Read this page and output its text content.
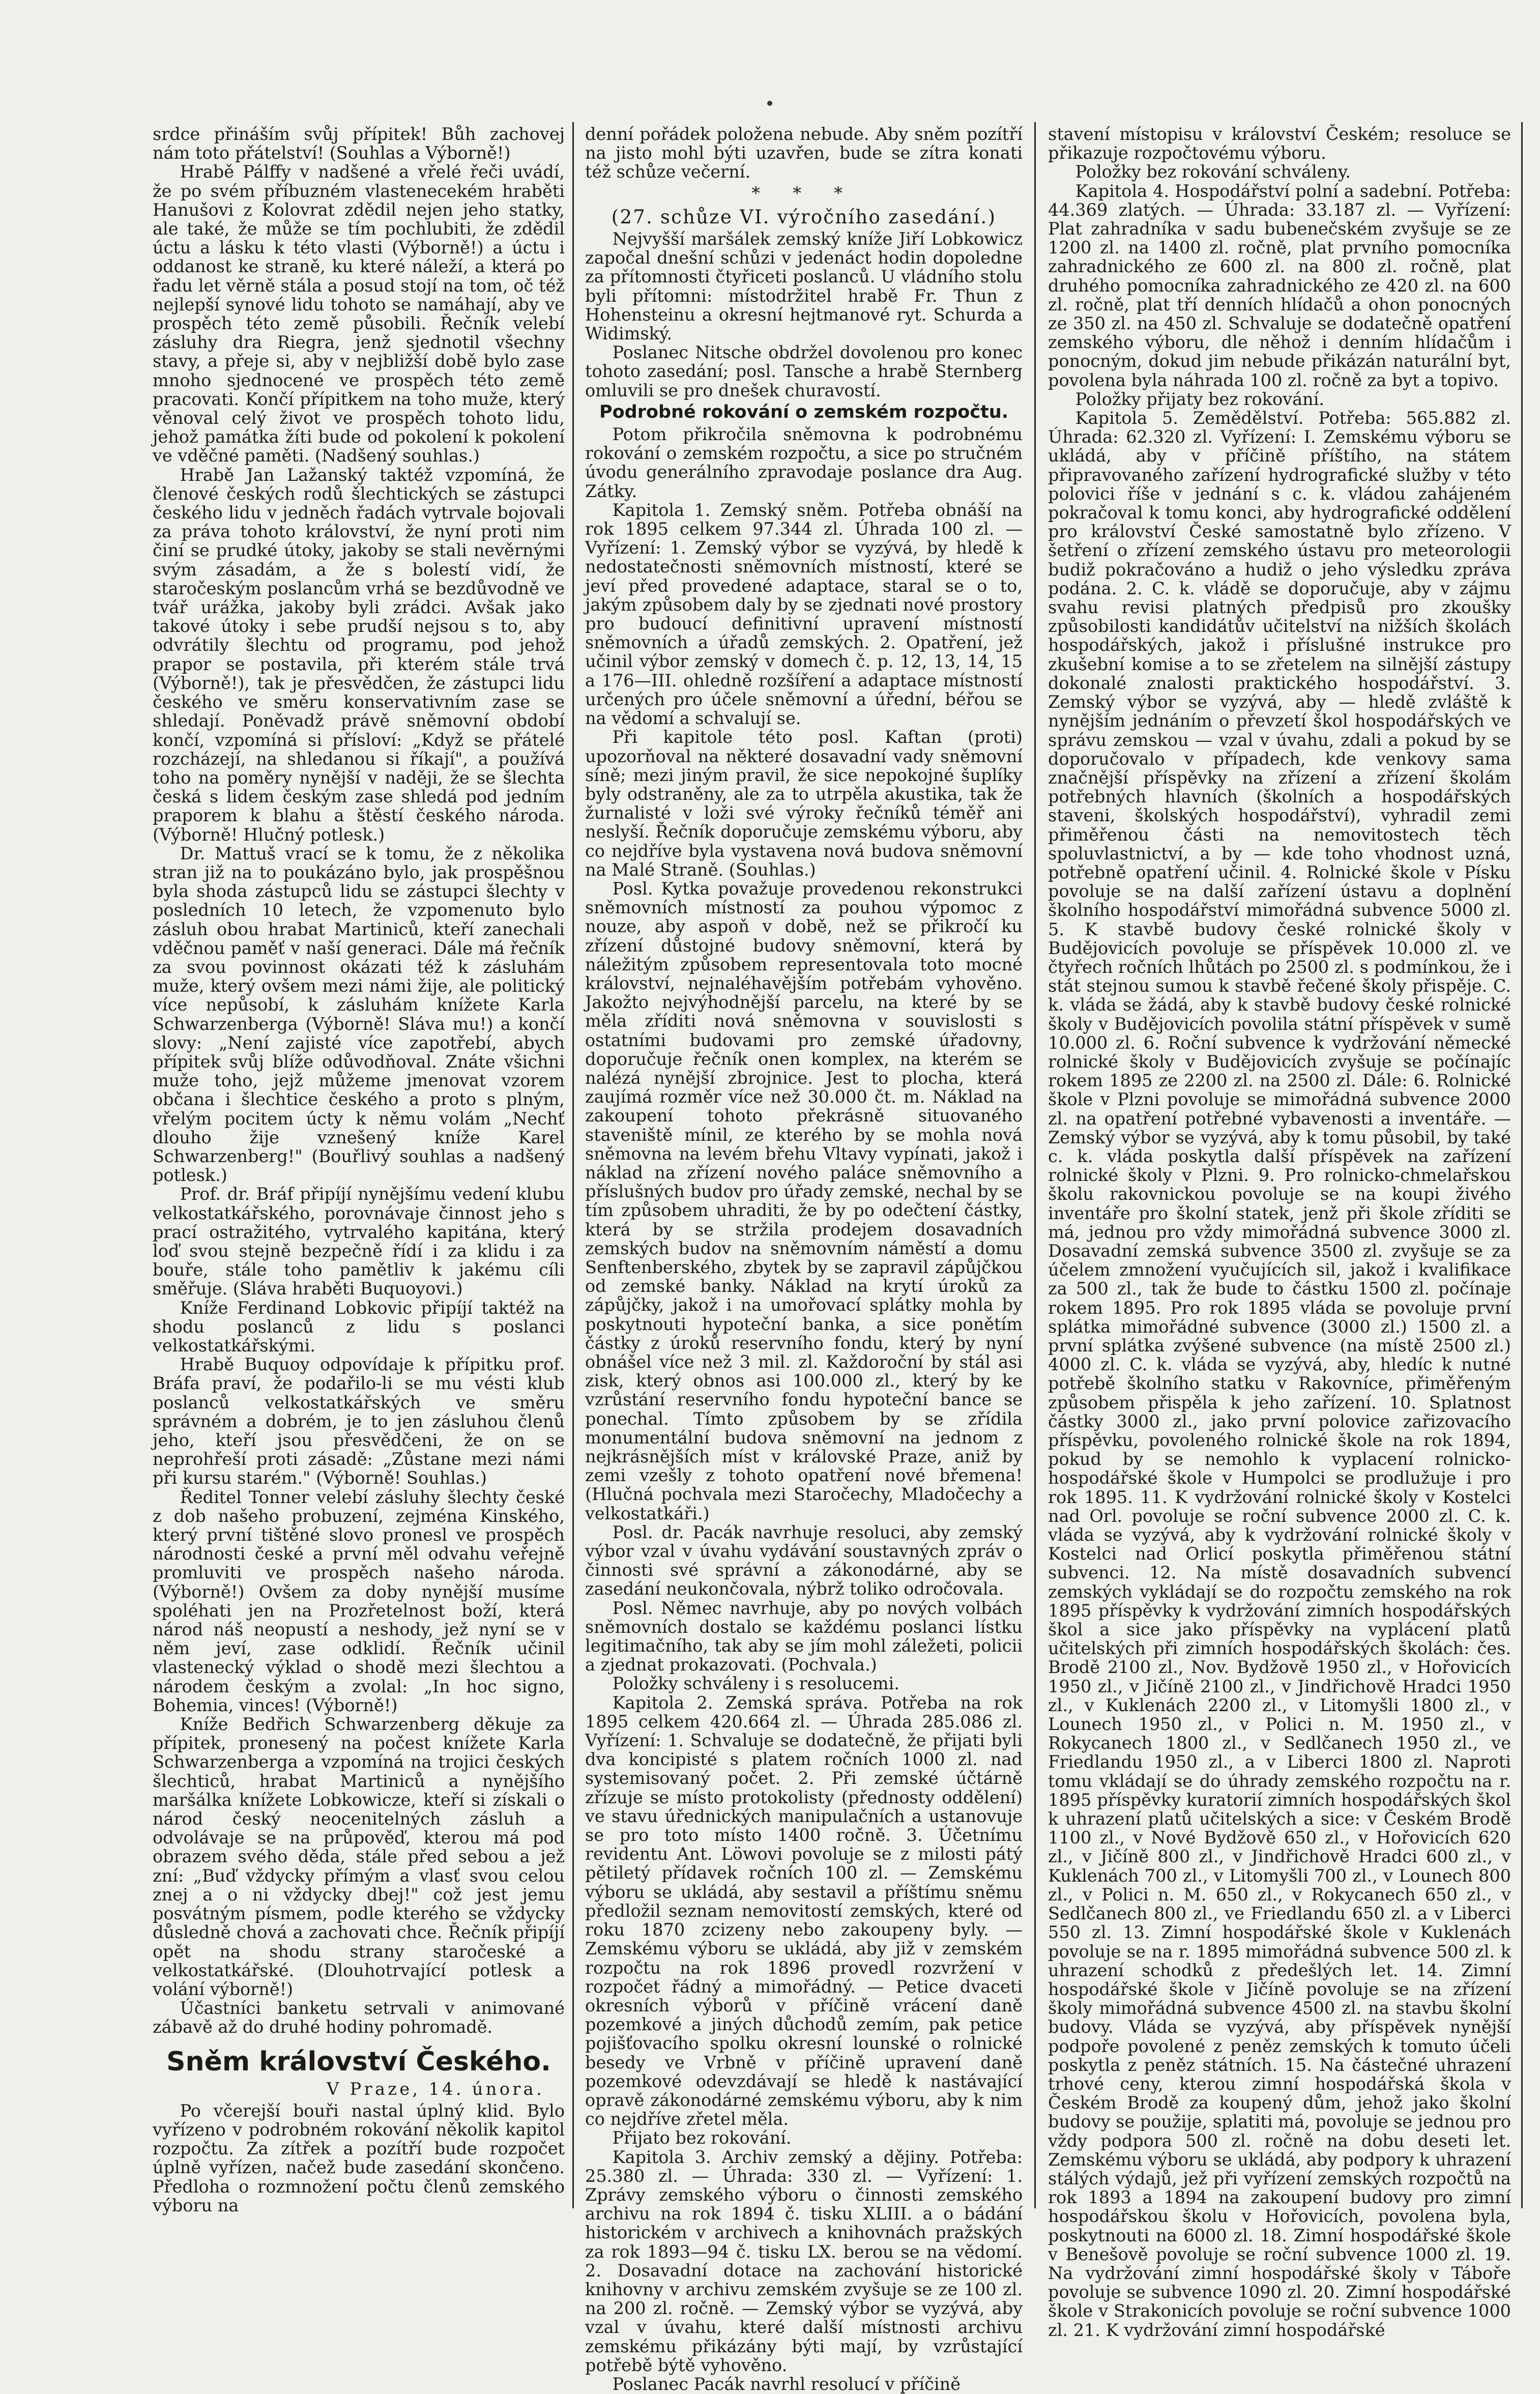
srdce přináším svůj přípitek! Bůh zachovej nám toto přátelství! (Souhlas a Výborně!)

Hrabě Pálffy v nadšené a vřelé řeči uvádí, že po svém příbuzném vlastenecekém hraběti Hanušovi z Kolovrat zdědil nejen jeho statky, ale také, že může se tím pochlubiti, že zdědil úctu a lásku k této vlasti (Výborně!) a úctu i oddanost ke straně, ku které náleží, a která po řadu let věrně stála a posud stojí na tom, oč též nejlepší synové lidu tohoto se namáhají, aby ve prospěch této země působili. Řečník velebí zásluhy dra Riegra, jenž sjednotil všechny stavy, a přeje si, aby v nejbližší době bylo zase mnoho sjednocené ve prospěch této země pracovati. Končí přípitkem na toho muže, který věnoval celý život ve prospěch tohoto lidu, jehož památka žíti bude od pokolení k pokolení ve vděčné paměti. (Nadšený souhlas.)

Hrabě Jan Lažanský taktéž vzpomíná, že členové českých rodů šlechtických se zástupci českého lidu v jedněch řadách vytrvale bojovali za práva tohoto království, že nyní proti nim činí se prudké útoky, jakoby se stali nevěrnými svým zásadám, a že s bolestí vidí, že staročeským poslancům vrhá se bezdůvodně ve tvář urážka, jakoby byli zrádci. Avšak jako takové útoky i sebe prudší nejsou s to, aby odvrátily šlechtu od programu, pod jehož prapor se postavila, při kterém stále trvá (Výborně!), tak je přesvědčen, že zástupci lidu českého ve směru konservativním zase se shledají. Poněvadž právě sněmovní období končí, vzpomíná si přísloví: „Když se přátelé rozcházejí, na shledanou si říkají", a používá toho na poměry nynější v naději, že se šlechta česká s lidem českým zase shledá pod jedním praporem k blahu a štěstí českého národa. (Výborně! Hlučný potlesk.)

Dr. Mattuš vrací se k tomu, že z několika stran již na to poukázáno bylo, jak prospěšnou byla shoda zástupců lidu se zástupci šlechty v posledních 10 letech, že vzpomenuto bylo zásluh obou hrabat Martiniců, kteří zanechali vděčnou paměť v naší generaci. Dále má řečník za svou povinnost okázati též k zásluhám muže, který ovšem mezi námi žije, ale politický více nepůsobí, k zásluhám knížete Karla Schwarzenberga (Výborně! Sláva mu!) a končí slovy: „Není zajisté více zapotřebí, abych přípitek svůj blíže odůvodňoval. Znáte všichni muže toho, jejž můžeme jmenovat vzorem občana i šlechtice českého a proto s plným, vřelým pocitem úcty k němu volám „Nechť dlouho žije vznešený kníže Karel Schwarzenberg!" (Bouřlivý souhlas a nadšený potlesk.)

Prof. dr. Bráf připíjí nynějšímu vedení klubu velkostatkářského, porovnávaje činnost jeho s prací ostražitého, vytrvalého kapitána, který loď svou stejně bezpečně řídí i za klidu i za bouře, stále toho pamětliv k jakému cíli směřuje. (Sláva hraběti Buquoyovi.)

Kníže Ferdinand Lobkovic připíjí taktéž na shodu poslanců z lidu s poslanci velkostatkářskými.

Hrabě Buquoy odpovídaje k přípitku prof. Bráfa praví, že podařilo-li se mu vésti klub poslanců velkostatkářských ve směru správném a dobrém, je to jen zásluhou členů jeho, kteří jsou přesvědčeni, že on se neprohřeší proti zásadě: „Zůstane mezi námi při kursu starém." (Výborně! Souhlas.)

Ředitel Tonner velebí zásluhy šlechty české z dob našeho probuzení, zejména Kinského, který první tištěné slovo pronesl ve prospěch národnosti české a první měl odvahu veřejně promluviti ve prospěch našeho národa. (Výborně!) Ovšem za doby nynější musíme spoléhati jen na Prozřetelnost boží, která národ náš neopustí a neshody, jež nyní se v něm jeví, zase odklidí. Řečník učinil vlastenecký výklad o shodě mezi šlechtou a národem českým a zvolal: „In hoc signo, Bohemia, vinces! (Výborně!)

Kníže Bedřich Schwarzenberg děkuje za přípitek, pronesený na počest knížete Karla Schwarzenberga a vzpomíná na trojici českých šlechticů, hrabat Martiniců a nynějšího maršálka knížete Lobkowicze, kteří si získali o národ český neocenitelných zásluh a odvolávaje se na průpověď, kterou má pod obrazem svého děda, stále před sebou a jež zní: „Buď vždycky přímým a vlasť svou celou znej a o ni vždycky dbej!" což jest jemu posvátným písmem, podle kterého se vždycky důsledně chová a zachovati chce. Řečník připíjí opět na shodu strany staročeské a velkostatkářské. (Dlouhotrvající potlesk a volání výborně!)

Účastníci banketu setrvali v animované zábavě až do druhé hodiny pohromadě.

Sněm království Českého.
V Praze, 14. února.

Po včerejší bouři nastal úplný klid. Bylo vyřízeno v podrobném rokování několik kapitol rozpočtu. Za zítřek a pozítří bude rozpočet úplně vyřízen, načež bude zasedání skončeno. Předloha o rozmnožení počtu členů zemského výboru na

denní pořádek položena nebude. Aby sněm pozítří na jisto mohl býti uzavřen, bude se zítra konati též schůze večerní.

* * *
(27. schůze VI. výročního zasedání.)

Nejvyšší maršálek zemský kníže Jiří Lobkowicz započal dnešní schůzi v jedenáct hodin dopoledne za přítomnosti čtyřiceti poslanců. U vládního stolu byli přítomni: místodržitel hrabě Fr. Thun z Hohensteinu a okresní hejtmanové ryt. Schurda a Widimský.

Poslanec Nitsche obdržel dovolenou pro konec tohoto zasedání; posl. Tansche a hrabě Sternberg omluvili se pro dnešek churavostí.

Podrobné rokování o zemském rozpočtu.

Potom přikročila sněmovna k podrobnému rokování o zemském rozpočtu, a sice po stručném úvodu generálního zpravodaje poslance dra Aug. Zátky.

Kapitola 1. Zemský sněm. Potřeba obnáší na rok 1895 celkem 97.344 zl. Úhrada 100 zl. — Vyřízení: 1. Zemský výbor se vyzývá, by hledě k nedostatečnosti sněmovních místností, které se jeví před provedené adaptace, staral se o to, jakým způsobem daly by se zjednati nové prostory pro budoucí definitivní upravení místností sněmovních a úřadů zemských. 2. Opatření, jež učinil výbor zemský v domech č. p. 12, 13, 14, 15 a 176—III. ohledně rozšíření a adaptace místností určených pro účele sněmovní a úřední, béřou se na vědomí a schvalují se.

Při kapitole této posl. Kaftan (proti) upozorňoval na některé dosavadní vady sněmovní síně; mezi jiným pravil, že sice nepokojné šuplíky byly odstraněny, ale za to utrpěla akustika, tak že žurnalisté v loži své výroky řečníků téměř ani neslyší. Řečník doporučuje zemskému výboru, aby co nejdříve byla vystavena nová budova sněmovní na Malé Straně. (Souhlas.)

Posl. Kytka považuje provedenou rekonstrukci sněmovních místností za pouhou výpomoc z nouze, aby aspoň v době, než se přikročí ku zřízení důstojné budovy sněmovní, která by náležitým způsobem representovala toto mocné království, nejnaléhavějším potřebám vyhověno. Jakožto nejvýhodnější parcelu, na které by se měla zříditi nová sněmovna v souvislosti s ostatními budovami pro zemské úřadovny, doporučuje řečník onen komplex, na kterém se nalézá nynější zbrojnice. Jest to plocha, která zaujímá rozměr více než 30.000 čt. m. Náklad na zakoupení tohoto překrásně situovaného staveniště mínil, ze kterého by se mohla nová sněmovna na levém břehu Vltavy vypínati, jakož i náklad na zřízení nového paláce sněmovního a příslušných budov pro úřady zemské, nechal by se tím způsobem uhraditi, že by po odečtení částky, která by se stržila prodejem dosavadních zemských budov na sněmovním náměstí a domu Senftenberského, zbytek by se zapravil zápůjčkou od zemské banky. Náklad na krytí úroků za zápůjčky, jakož i na umořovací splátky mohla by poskytnouti hypoteční banka, a sice ponětím částky z úroků reservního fondu, který by nyní obnášel více než 3 mil. zl. Každoroční by stál asi zisk, který obnos asi 100.000 zl., který by ke vzrůstání reservního fondu hypoteční bance se ponechal. Tímto způsobem by se zřídila monumentální budova sněmovní na jednom z nejkrásnějších míst v královské Praze, aniž by zemi vzešly z tohoto opatření nové břemena! (Hlučná pochvala mezi Staročechy, Mladočechy a velkostatkáři.)

Posl. dr. Pacák navrhuje resoluci, aby zemský výbor vzal v úvahu vydávání soustavných zpráv o činnosti své správní a zákonodárné, aby se zasedání neukončovala, nýbrž toliko odročovala.

Posl. Němec navrhuje, aby po nových volbách sněmovních dostalo se každému poslanci lístku legitimačního, tak aby se jím mohl záležeti, policii a zjednat prokazovati. (Pochvala.)

Položky schváleny i s resolucemi.

Kapitola 2. Zemská správa. Potřeba na rok 1895 celkem 420.664 zl. — Úhrada 285.086 zl. Vyřízení: 1. Schvaluje se dodatečně, že přijati byli dva koncipisté s platem ročních 1000 zl. nad systemisovaný počet. 2. Při zemské účtárně zřízuje se místo protokolisty (přednosty oddělení) ve stavu úřednických manipulačních a ustanovuje se pro toto místo 1400 ročně. 3. Účetnímu revidentu Ant. Löwovi povoluje se z milosti pátý pětiletý přídavek ročních 100 zl. — Zemskému výboru se ukládá, aby sestavil a příštímu sněmu předložil seznam nemovitostí zemských, které od roku 1870 zcizeny nebo zakoupeny byly. — Zemskému výboru se ukládá, aby již v zemském rozpočtu na rok 1896 provedl rozvržení v rozpočet řádný a mimořádný. — Petice dvaceti okresních výborů v příčině vrácení daně pozemkové a jiných důchodů zemím, pak petice pojišťovacího spolku okresní lounské o rolnické besedy ve Vrbně v příčině upravení daně pozemkové odevzdávají se hledě k nastávající opravě zákonodárné zemskému výboru, aby k nim co nejdříve zřetel měla.

Přijato bez rokování.

Kapitola 3. Archiv zemský a dějiny. Potřeba: 25.380 zl. — Úhrada: 330 zl. — Vyřízení: 1. Zprávy zemského výboru o činnosti zemského archivu na rok 1894 č. tisku XLIII. a o bádání historickém v archivech a knihovnách pražských za rok 1893—94 č. tisku LX. berou se na vědomí. 2. Dosavadní dotace na zachování historické knihovny v archivu zemském zvyšuje se ze 100 zl. na 200 zl. ročně. — Zemský výbor se vyzývá, aby vzal v úvahu, které další místnosti archivu zemskému přikázány býti mají, by vzrůstající potřebě býtě vyhověno.

Poslanec Pacák navrhl resolucí v příčině

stavení místopisu v království Českém; resoluce se přikazuje rozpočtovému výboru.

Položky bez rokování schváleny.

Kapitola 4. Hospodářství polní a sadební. Potřeba: 44.369 zlatých. — Úhrada: 33.187 zl. — Vyřízení: Plat zahradníka v sadu bubenečském zvyšuje se ze 1200 zl. na 1400 zl. ročně, plat prvního pomocníka zahradnického ze 600 zl. na 800 zl. ročně, plat druhého pomocníka zahradnického ze 420 zl. na 600 zl. ročně, plat tří denních hlídačů a ohon ponocných ze 350 zl. na 450 zl. Schvaluje se dodatečně opatření zemského výboru, dle něhož i denním hlídačům i ponocným, dokud jim nebude přikázán naturální byt, povolena byla náhrada 100 zl. ročně za byt a topivo.

Položky přijaty bez rokování.

Kapitola 5. Zemědělství. Potřeba: 565.882 zl. Úhrada: 62.320 zl. Vyřízení: I. Zemskému výboru se ukládá, aby v příčině příštího, na státem připravovaného zařízení hydrografické služby v této polovici říše v jednání s c. k. vládou zahájeném pokračoval k tomu konci, aby hydrografické oddělení pro království České samostatně bylo zřízeno. V šetření o zřízení zemského ústavu pro meteorologii budiž pokračováno a hudiž o jeho výsledku zpráva podána. 2. C. k. vládě se doporučuje, aby v zájmu svahu revisi platných předpisů pro zkoušky způsobilosti kandidátův učitelství na nižších školách hospodářských, jakož i příslušné instrukce pro zkušební komise a to se zřetelem na silnější zástupy dokonalé znalosti praktického hospodářství. 3. Zemský výbor se vyzývá, aby — hledě zvláště k nynějším jednáním o převzetí škol hospodářských ve správu zemskou — vzal v úvahu, zdali a pokud by se doporučovalo v případech, kde venkovy sama značnější příspěvky na zřízení a zřízení školám potřebných hlavních (školních a hospodářských staveni, školských hospodářství), vyhradil zemi přiměřenou části na nemovitostech těch spoluvlastnictví, a by — kde toho vhodnost uzná, potřebně opatření učinil. 4. Rolnické škole v Písku povoluje se na další zařízení ústavu a doplnění školního hospodářství mimořádná subvence 5000 zl. 5. K stavbě budovy české rolnické školy v Budějovicích povoluje se příspěvek 10.000 zl. ve čtyřech ročních lhůtách po 2500 zl. s podmínkou, že i stát stejnou sumou k stavbě řečené školy přispěje. C. k. vláda se žádá, aby k stavbě budovy české rolnické školy v Budějovicích povolila státní příspěvek v sumě 10.000 zl. 6. Roční subvence k vydržování německé rolnické školy v Budějovicích zvyšuje se počínajíc rokem 1895 ze 2200 zl. na 2500 zl. Dále: 6. Rolnické škole v Plzni povoluje se mimořádná subvence 2000 zl. na opatření potřebné vybavenosti a inventáře. — Zemský výbor se vyzývá, aby k tomu působil, by také c. k. vláda poskytla další příspěvek na zařízení rolnické školy v Plzni. 9. Pro rolnicko-chmelařskou školu rakovnickou povoluje se na koupi živého inventáře pro školní statek, jenž při škole zříditi se má, jednou pro vždy mimořádná subvence 3000 zl. Dosavadní zemská subvence 3500 zl. zvyšuje se za účelem zmnožení vyučujících sil, jakož i kvalifikace za 500 zl., tak že bude to částku 1500 zl. počínaje rokem 1895. Pro rok 1895 vláda se povoluje první splátka mimořádné subvence (3000 zl.) 1500 zl. a první splátka zvýšené subvence (na místě 2500 zl.) 4000 zl. C. k. vláda se vyzývá, aby, hledíc k nutné potřebě školního statku v Rakovníce, přiměřeným způsobem přispěla k jeho zařízení. 10. Splatnost částky 3000 zl., jako první polovice zařizovacího příspěvku, povoleného rolnické škole na rok 1894, pokud by se nemohlo k vyplacení rolnicko-hospodářské škole v Humpolci se prodlužuje i pro rok 1895. 11. K vydržování rolnické školy v Kostelci nad Orl. povoluje se roční subvence 2000 zl. C. k. vláda se vyzývá, aby k vydržování rolnické školy v Kostelci nad Orlicí poskytla přiměřenou státní subvenci. 12. Na místě dosavadních subvencí zemských vykládají se do rozpočtu zemského na rok 1895 příspěvky k vydržování zimních hospodářských škol a sice jako příspěvky na vyplácení platů učitelských při zimních hospodářských školách: čes. Brodě 2100 zl., Nov. Bydžově 1950 zl., v Hořovicích 1950 zl., v Jičíně 2100 zl., v Jindřichově Hradci 1950 zl., v Kuklenách 2200 zl., v Litomyšli 1800 zl., v Lounech 1950 zl., v Polici n. M. 1950 zl., v Rokycanech 1800 zl., v Sedlčanech 1950 zl., ve Friedlandu 1950 zl., a v Liberci 1800 zl. Naproti tomu vkládají se do úhrady zemského rozpočtu na r. 1895 příspěvky kuratorií zimních hospodářských škol k uhrazení platů učitelských a sice: v Českém Brodě 1100 zl., v Nové Bydžově 650 zl., v Hořovicích 620 zl., v Jičíně 800 zl., v Jindřichově Hradci 600 zl., v Kuklenách 700 zl., v Litomyšli 700 zl., v Lounech 800 zl., v Polici n. M. 650 zl., v Rokycanech 650 zl., v Sedlčanech 800 zl., ve Friedlandu 650 zl. a v Liberci 550 zl. 13. Zimní hospodářské škole v Kuklenách povoluje se na r. 1895 mimořádná subvence 500 zl. k uhrazení schodků z předešlých let. 14. Zimní hospodářské škole v Jičíně povoluje se na zřízení školy mimořádná subvence 4500 zl. na stavbu školní budovy. Vláda se vyzývá, aby příspěvek nynější podpoře povolené z peněz zemských k tomuto účeli poskytla z peněz státních. 15. Na částečné uhrazení trhové ceny, kterou zimní hospodářská škola v Českém Brodě za koupený dům, jehož jako školní budovy se použije, splatiti má, povoluje se jednou pro vždy podpora 500 zl. ročně na dobu deseti let. Zemskému výboru se ukládá, aby podpory k uhrazení stálých výdajů, jež při vyřízení zemských rozpočtů na rok 1893 a 1894 na zakoupení budovy pro zimní hospodářskou školu v Hořovicích, povolena byla, poskytnouti na 6000 zl. 18. Zimní hospodářské škole v Benešově povoluje se roční subvence 1000 zl. 19. Na vydržování zimní hospodářské školy v Táboře povoluje se subvence 1090 zl. 20. Zimní hospodářské škole v Strakonicích povoluje se roční subvence 1000 zl. 21. K vydržování zimní hospodářské
